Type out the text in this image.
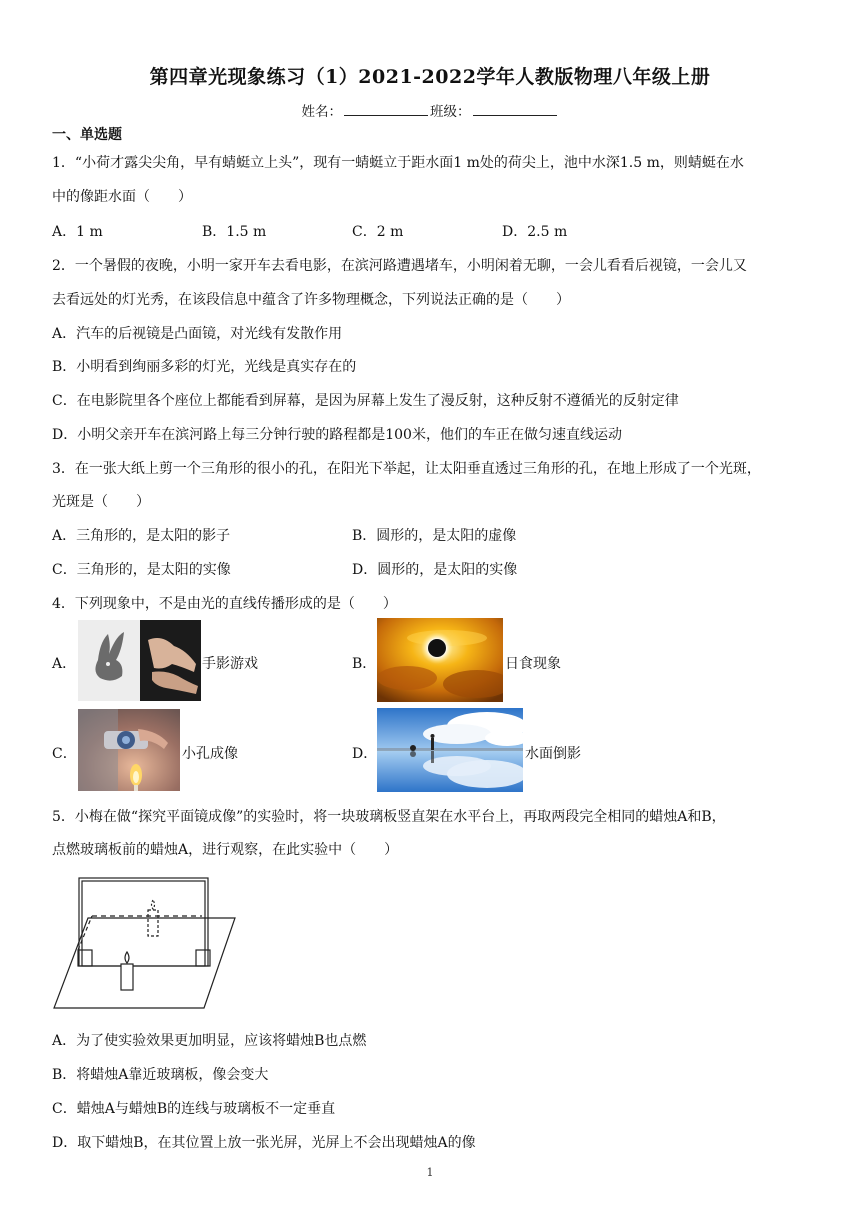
第四章光现象练习（1）2021-2022学年人教版物理八年级上册
姓名：	班级：
一、单选题
1．“小荷才露尖尖角，早有蜻蜓立上头”，现有一蜻蜓立于距水面1 m处的荷尖上，池中水深1.5 m，则蜻蜓在水
中的像距水面（　　）
A．1 m	B．1.5 m	C．2 m	D．2.5 m
2．一个暑假的夜晚，小明一家开车去看电影，在滨河路遭遇堵车，小明闲着无聊，一会儿看看后视镜，一会儿又
去看远处的灯光秀，在该段信息中蕴含了许多物理概念，下列说法正确的是（　　）
A．汽车的后视镜是凸面镜，对光线有发散作用
B．小明看到绚丽多彩的灯光，光线是真实存在的
C．在电影院里各个座位上都能看到屏幕，是因为屏幕上发生了漫反射，这种反射不遵循光的反射定律
D．小明父亲开车在滨河路上每三分钟行驶的路程都是100米，他们的车正在做匀速直线运动
3．在一张大纸上剪一个三角形的很小的孔，在阳光下举起，让太阳垂直透过三角形的孔，在地上形成了一个光斑，
光斑是（　　）
A．三角形的，是太阳的影子	B．圆形的，是太阳的虚像
C．三角形的，是太阳的实像	D．圆形的，是太阳的实像
4．下列现象中，不是由光的直线传播形成的是（　　）
A．	手影游戏	B．	日食现象
C．	小孔成像	D．	水面倒影
5．小梅在做“探究平面镜成像”的实验时，将一块玻璃板竖直架在水平台上，再取两段完全相同的蜡烛A和B，
点燃玻璃板前的蜡烛A，进行观察，在此实验中（　　）
A．为了使实验效果更加明显，应该将蜡烛B也点燃
B．将蜡烛A靠近玻璃板，像会变大
C．蜡烛A与蜡烛B的连线与玻璃板不一定垂直
D．取下蜡烛B，在其位置上放一张光屏，光屏上不会出现蜡烛A的像
1
